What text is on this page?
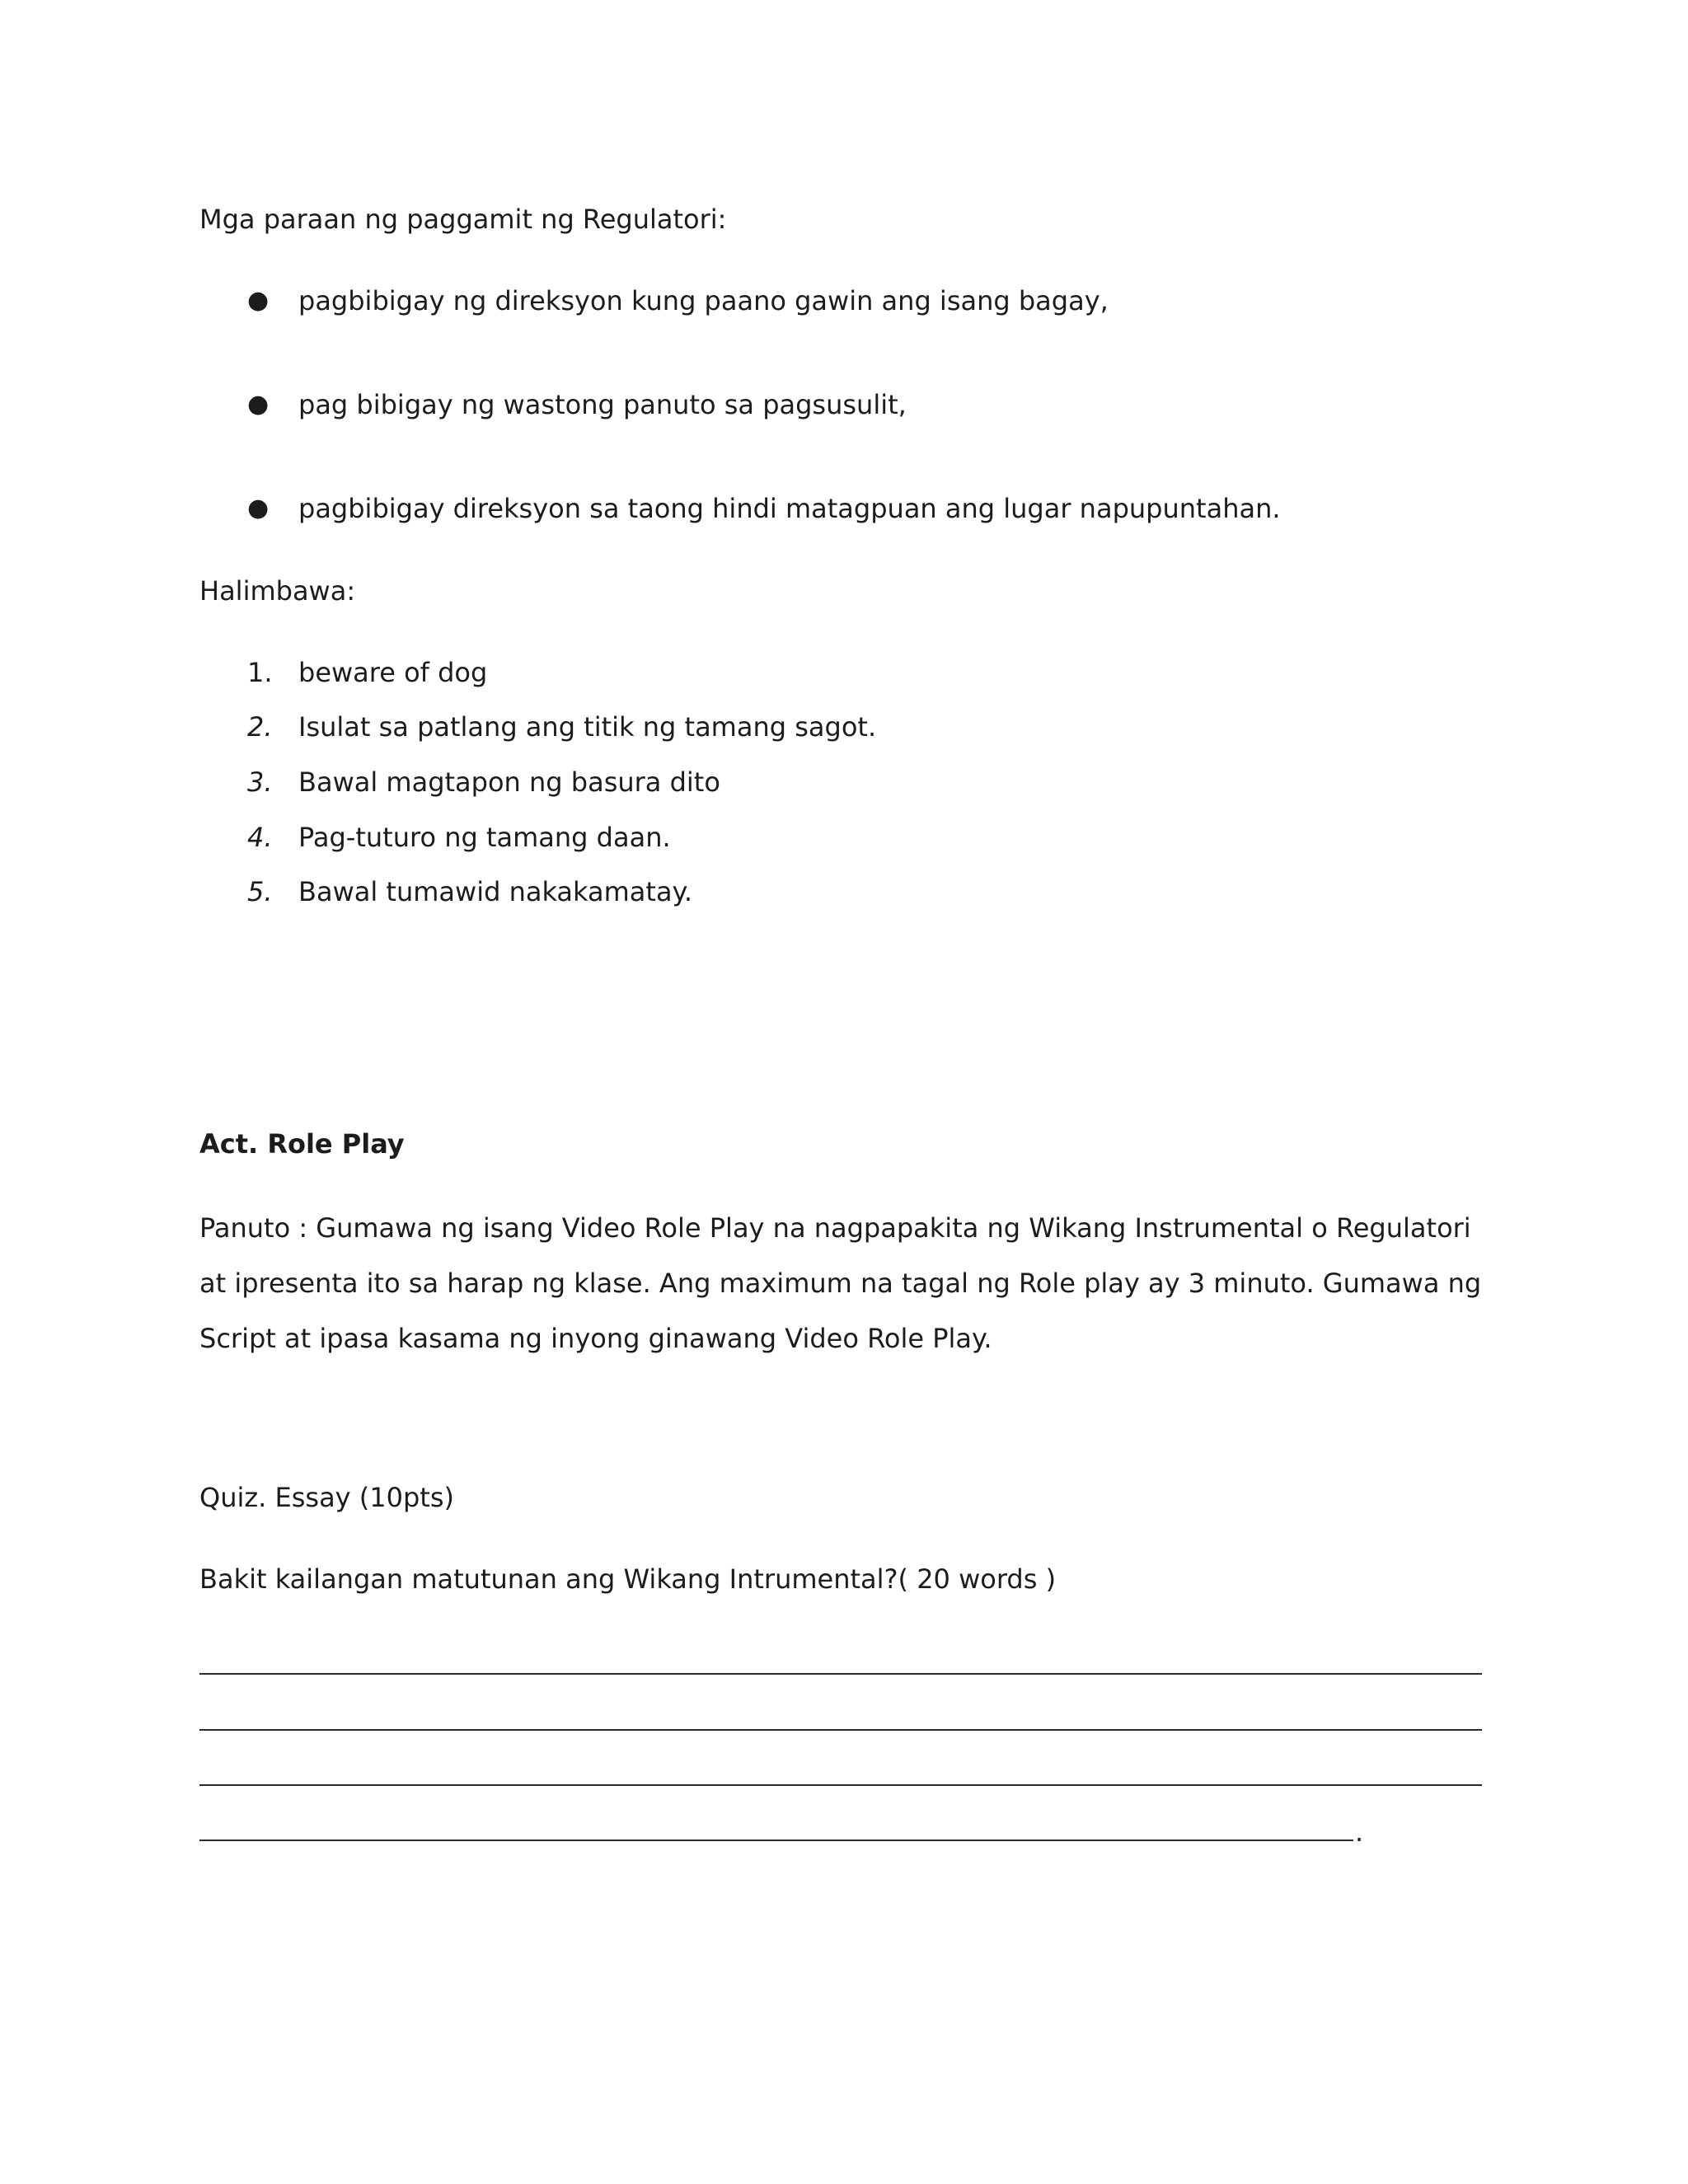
Mga paraan ng paggamit ng Regulatori:
● pagbibigay ng direksyon kung paano gawin ang isang bagay,
● pag bibigay ng wastong panuto sa pagsusulit,
● pagbibigay direksyon sa taong hindi matagpuan ang lugar napupuntahan.
Halimbawa:
1. beware of dog
2. Isulat sa patlang ang titik ng tamang sagot.
3. Bawal magtapon ng basura dito
4. Pag-tuturo ng tamang daan.
5. Bawal tumawid nakakamatay.
Act. Role Play
Panuto : Gumawa ng isang Video Role Play na nagpapakita ng Wikang Instrumental o Regulatori at ipresenta ito sa harap ng klase. Ang maximum na tagal ng Role play ay 3 minuto. Gumawa ng Script at ipasa kasama ng inyong ginawang Video Role Play.
Quiz. Essay (10pts)
Bakit kailangan matutunan ang Wikang Intrumental?( 20 words )
.
